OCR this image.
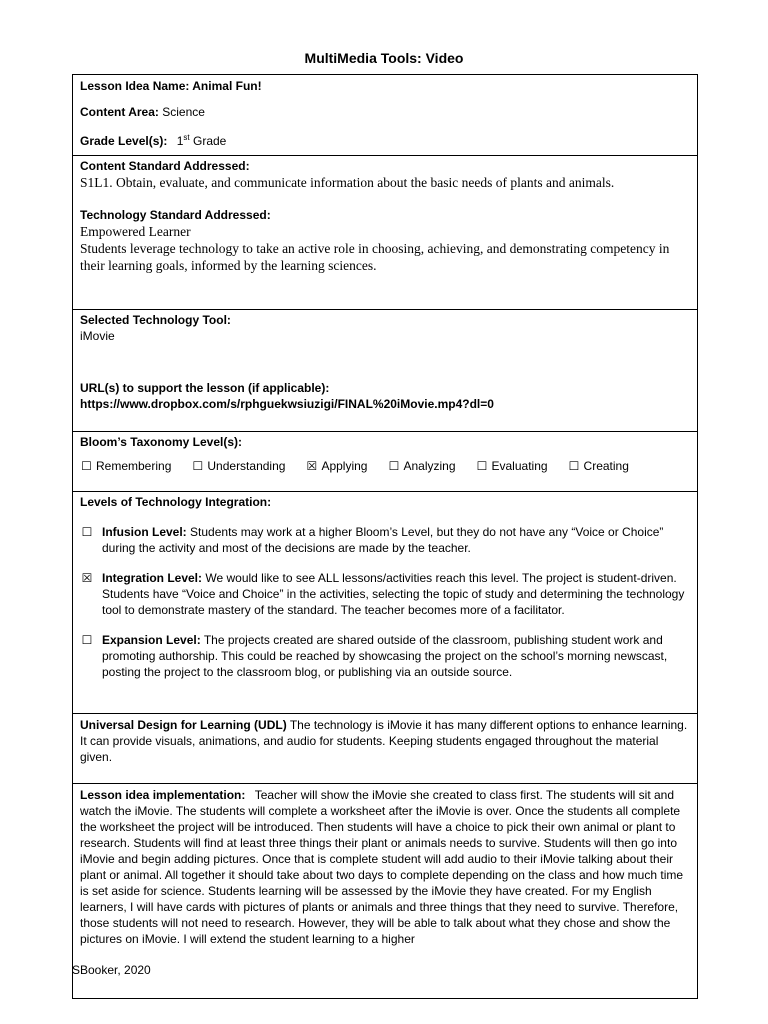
MultiMedia Tools: Video
Lesson Idea Name: Animal Fun!
Content Area: Science
Grade Level(s): 1st Grade
Content Standard Addressed:
S1L1. Obtain, evaluate, and communicate information about the basic needs of plants and animals.
Technology Standard Addressed:
Empowered Learner
Students leverage technology to take an active role in choosing, achieving, and demonstrating competency in their learning goals, informed by the learning sciences.
Selected Technology Tool:
iMovie
URL(s) to support the lesson (if applicable):
https://www.dropbox.com/s/rphguekwsiuzigi/FINAL%20iMovie.mp4?dl=0
Bloom’s Taxonomy Level(s):
☐ Remembering ☐ Understanding ☒ Applying ☐ Analyzing ☐ Evaluating ☐ Creating
Levels of Technology Integration:
☐ Infusion Level: Students may work at a higher Bloom’s Level, but they do not have any “Voice or Choice” during the activity and most of the decisions are made by the teacher.
☒ Integration Level: We would like to see ALL lessons/activities reach this level. The project is student-driven. Students have “Voice and Choice” in the activities, selecting the topic of study and determining the technology tool to demonstrate mastery of the standard. The teacher becomes more of a facilitator.
☐ Expansion Level: The projects created are shared outside of the classroom, publishing student work and promoting authorship. This could be reached by showcasing the project on the school’s morning newscast, posting the project to the classroom blog, or publishing via an outside source.
Universal Design for Learning (UDL) The technology is iMovie it has many different options to enhance learning. It can provide visuals, animations, and audio for students. Keeping students engaged throughout the material given.
Lesson idea implementation: Teacher will show the iMovie she created to class first. The students will sit and watch the iMovie. The students will complete a worksheet after the iMovie is over. Once the students all complete the worksheet the project will be introduced. Then students will have a choice to pick their own animal or plant to research. Students will find at least three things their plant or animals needs to survive. Students will then go into iMovie and begin adding pictures. Once that is complete student will add audio to their iMovie talking about their plant or animal. All together it should take about two days to complete depending on the class and how much time is set aside for science. Students learning will be assessed by the iMovie they have created. For my English learners, I will have cards with pictures of plants or animals and three things that they need to survive. Therefore, those students will not need to research. However, they will be able to talk about what they chose and show the pictures on iMovie. I will extend the student learning to a higher
SBooker, 2020
